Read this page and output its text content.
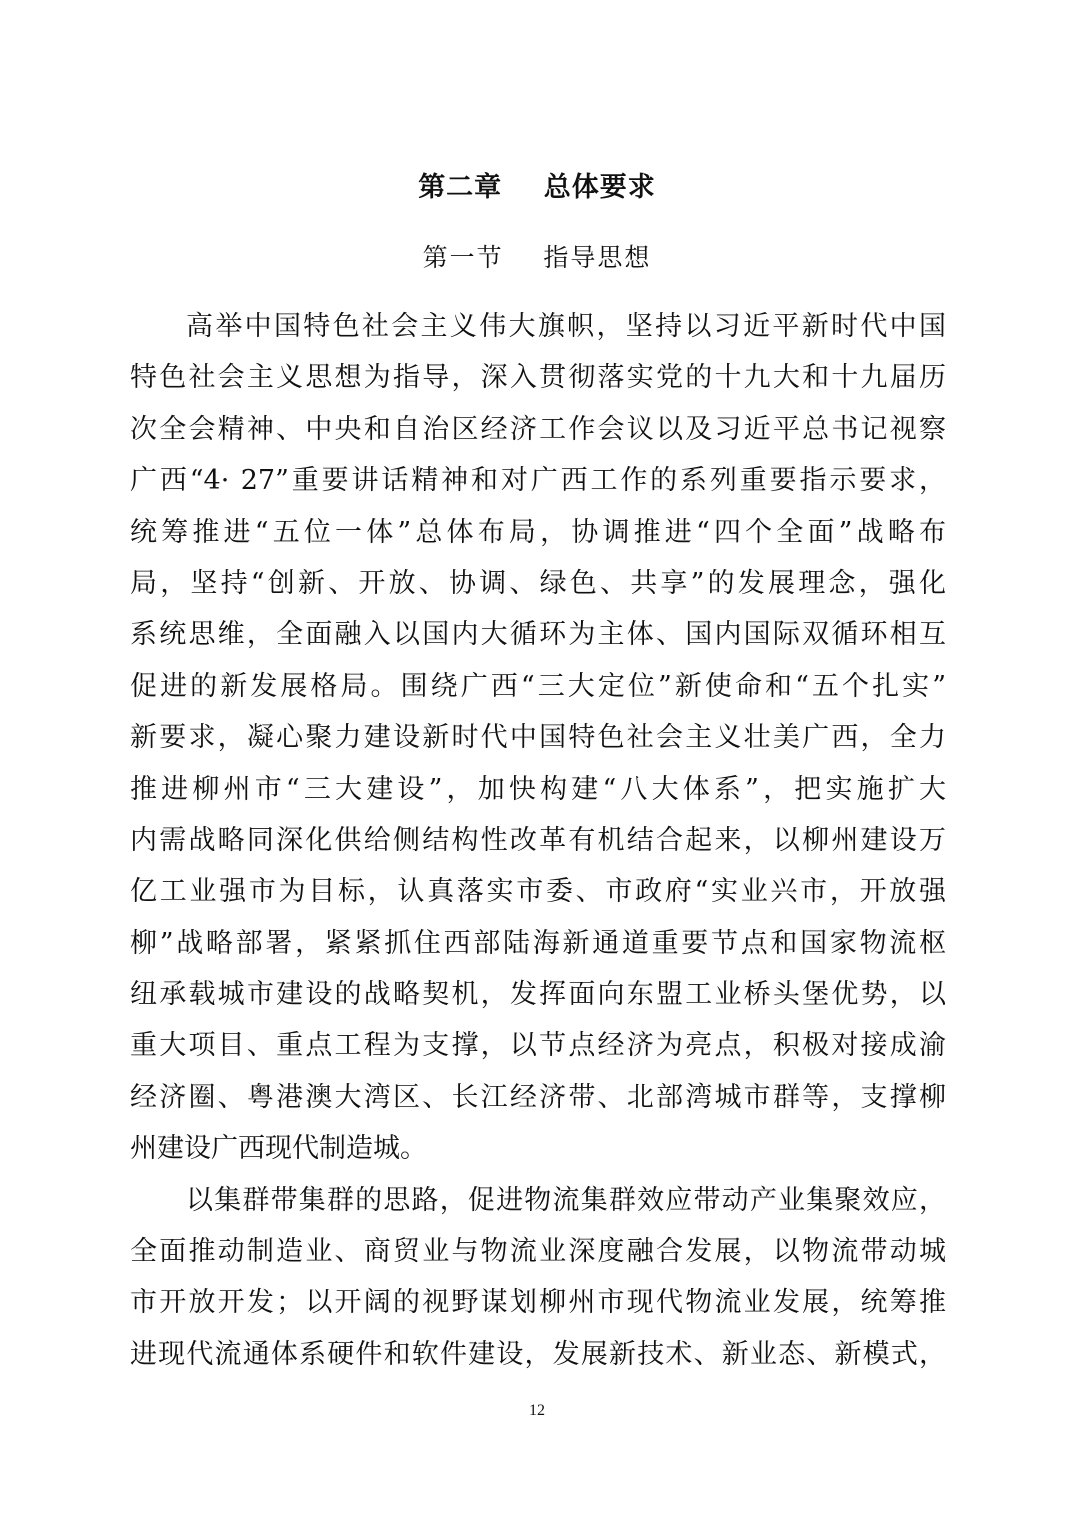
第二章    总体要求
第一节    指导思想
高举中国特色社会主义伟大旗帜，坚持以习近平新时代中国
特色社会主义思想为指导，深入贯彻落实党的十九大和十九届历
次全会精神、中央和自治区经济工作会议以及习近平总书记视察
广西“4· 27”重要讲话精神和对广西工作的系列重要指示要求，
统筹推进“五位一体”总体布局，协调推进“四个全面”战略布
局，坚持“创新、开放、协调、绿色、共享”的发展理念，强化
系统思维，全面融入以国内大循环为主体、国内国际双循环相互
促进的新发展格局。围绕广西“三大定位”新使命和“五个扎实”
新要求，凝心聚力建设新时代中国特色社会主义壮美广西，全力
推进柳州市“三大建设”，加快构建“八大体系”，把实施扩大
内需战略同深化供给侧结构性改革有机结合起来，以柳州建设万
亿工业强市为目标，认真落实市委、市政府“实业兴市，开放强
柳”战略部署，紧紧抓住西部陆海新通道重要节点和国家物流枢
纽承载城市建设的战略契机，发挥面向东盟工业桥头堡优势，以
重大项目、重点工程为支撑，以节点经济为亮点，积极对接成渝
经济圈、粤港澳大湾区、长江经济带、北部湾城市群等，支撑柳
州建设广西现代制造城。
以集群带集群的思路，促进物流集群效应带动产业集聚效应，
全面推动制造业、商贸业与物流业深度融合发展，以物流带动城
市开放开发；以开阔的视野谋划柳州市现代物流业发展，统筹推
进现代流通体系硬件和软件建设，发展新技术、新业态、新模式，
12
